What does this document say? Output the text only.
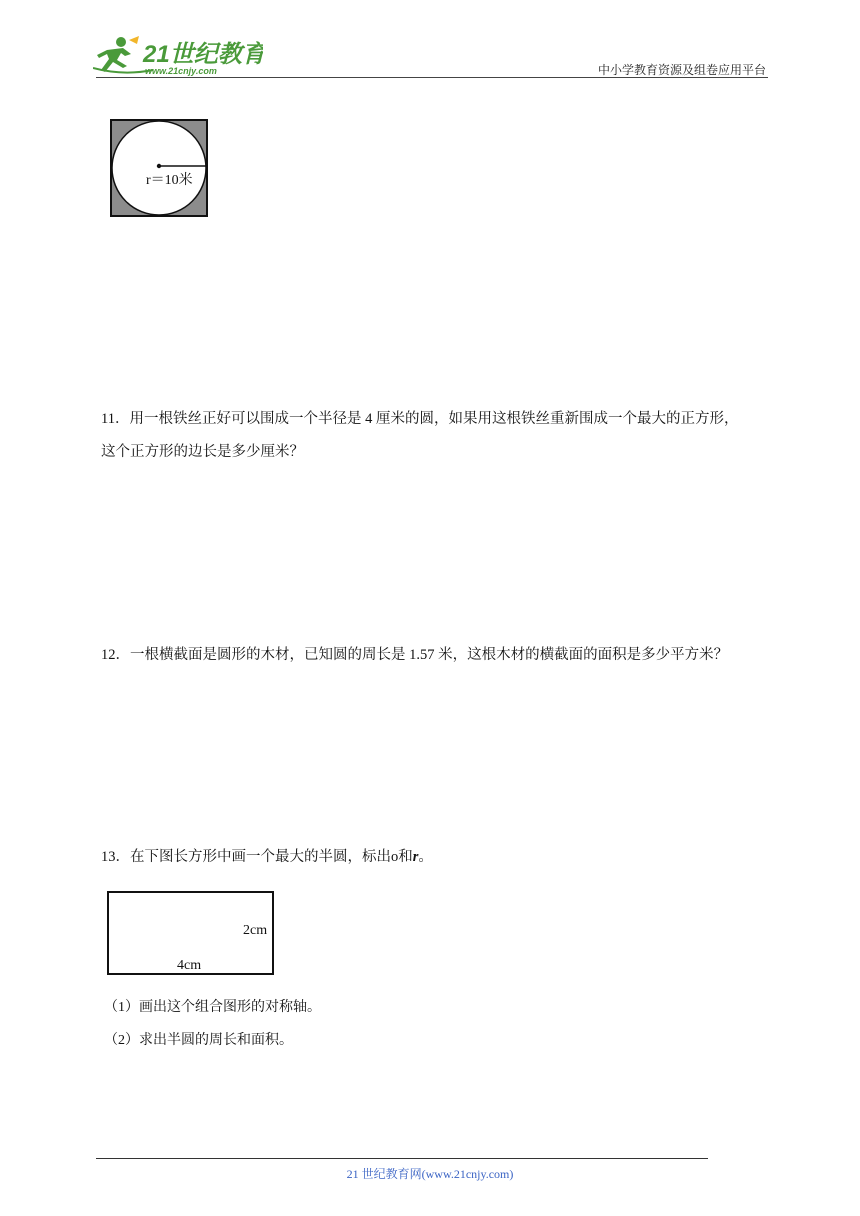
21世纪教育
www.21cnjy.com	中小学教育资源及组卷应用平台
r＝10米
11．用一根铁丝正好可以围成一个半径是 4 厘米的圆，如果用这根铁丝重新围成一个最大的正方形，
这个正方形的边长是多少厘米？
12．一根横截面是圆形的木材，已知圆的周长是 1.57 米，这根木材的横截面的面积是多少平方米？
13．在下图长方形中画一个最大的半圆，标出o和r。
2cm
4cm
（1）画出这个组合图形的对称轴。
（2）求出半圆的周长和面积。
21 世纪教育网(www.21cnjy.com)
